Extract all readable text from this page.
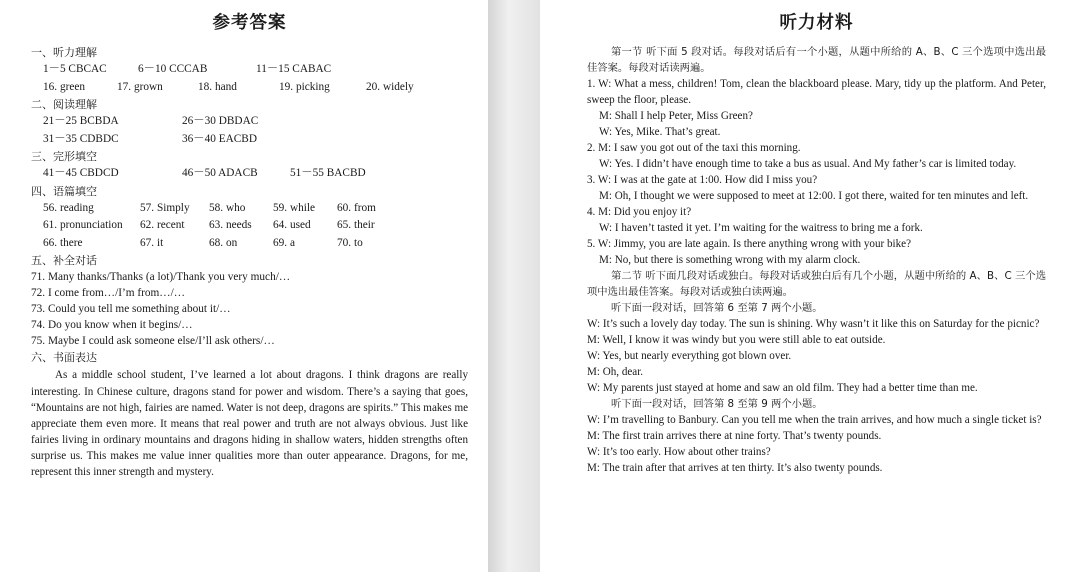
参考答案
一、听力理解
1－5 CBCAC	6－10 CCCAB	11－15 CABAC
16. green	17. grown	18. hand	19. picking	20. widely
二、阅读理解
21－25 BCBDA	26－30 DBDAC
31－35 CDBDC	36－40 EACBD
三、完形填空
41－45 CBDCD	46－50 ADACB	51－55 BACBD
四、语篇填空
56. reading	57. Simply	58. who	59. while	60. from
61. pronunciation	62. recent	63. needs	64. used	65. their
66. there	67. it	68. on	69. a	70. to
五、补全对话
71. Many thanks/Thanks (a lot)/Thank you very much/…
72. I come from…/I’m from…/…
73. Could you tell me something about it/…
74. Do you know when it begins/…
75. Maybe I could ask someone else/I’ll ask others/…
六、书面表达

As a middle school student, I’ve learned a lot about dragons. I think dragons are really interesting. In Chinese culture, dragons stand for power and wisdom. There’s a saying that goes, “Mountains are not high, fairies are named. Water is not deep, dragons are spirits.” This makes me appreciate them even more. It means that real power and truth are not always obvious. Just like fairies living in ordinary mountains and dragons hiding in shallow waters, hidden strengths often surprise us. This makes me value inner qualities more than outer appearance. Dragons, for me, represent this inner strength and mystery.

听力材料
第一节 听下面 5 段对话。每段对话后有一个小题，从题中所给的 A、B、C 三个选项中选出最佳答案。每段对话读两遍。
1. W: What a mess, children! Tom, clean the blackboard please. Mary, tidy up the platform. And Peter, sweep the floor, please.
M: Shall I help Peter, Miss Green?
W: Yes, Mike. That’s great.
2. M: I saw you got out of the taxi this morning.
W: Yes. I didn’t have enough time to take a bus as usual. And My father’s car is limited today.
3. W: I was at the gate at 1:00. How did I miss you?
M: Oh, I thought we were supposed to meet at 12:00. I got there, waited for ten minutes and left.
4. M: Did you enjoy it?
W: I haven’t tasted it yet. I’m waiting for the waitress to bring me a fork.
5. W: Jimmy, you are late again. Is there anything wrong with your bike?
M: No, but there is something wrong with my alarm clock.
第二节 听下面几段对话或独白。每段对话或独白后有几个小题，从题中所给的 A、B、C 三个选项中选出最佳答案。每段对话或独白读两遍。
听下面一段对话，回答第 6 至第 7 两个小题。
W: It’s such a lovely day today. The sun is shining. Why wasn’t it like this on Saturday for the picnic?
M: Well, I know it was windy but you were still able to eat outside.
W: Yes, but nearly everything got blown over.
M: Oh, dear.
W: My parents just stayed at home and saw an old film. They had a better time than me.
听下面一段对话，回答第 8 至第 9 两个小题。
W: I’m travelling to Banbury. Can you tell me when the train arrives, and how much a single ticket is?
M: The first train arrives there at nine forty. That’s twenty pounds.
W: It’s too early. How about other trains?
M: The train after that arrives at ten thirty. It’s also twenty pounds.
